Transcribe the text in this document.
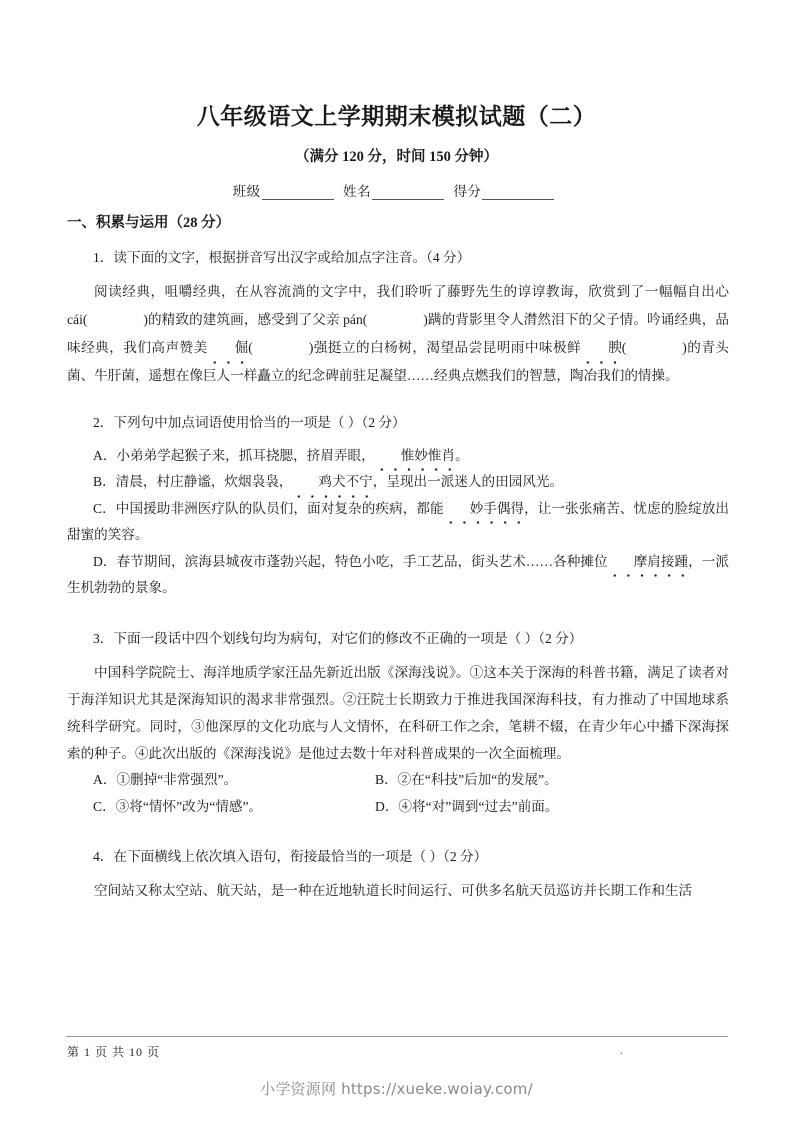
八年级语文上学期期末模拟试题（二）
（满分 120 分，时间 150 分钟）
班级	姓名	得分
一、积累与运用（28 分）
1．读下面的文字，根据拼音写出汉字或给加点字注音。（4 分）
阅读经典，咀嚼经典，在从容流淌的文字中，我们聆听了藤野先生的谆谆教诲，欣赏到了一幅幅自出心 cái(	)的精致的建筑画，感受到了父亲 pán(	)蹒的背影里令人潸然泪下的父子情。吟诵经典，品味经典，我们高声赞美 倔(	)强挺立的白杨树，渴望品尝昆明雨中味极鲜 腴(	)的青头菌、牛肝菌，遥想在像巨人一样矗立的纪念碑前驻足凝望……经典点燃我们的智慧，陶冶我们的情操。
2．下列句中加点词语使用恰当的一项是（ ）（2 分）
A．小弟弟学起猴子来，抓耳挠腮，挤眉弄眼， 惟妙惟肖。
B．清晨，村庄静谧，炊烟袅袅， 鸡犬不宁，呈现出一派迷人的田园风光。
C．中国援助非洲医疗队的队员们，面对复杂的疾病，都能 妙手偶得，让一张张痛苦、忧虑的脸绽放出甜蜜的笑容。
D．春节期间，滨海县城夜市蓬勃兴起，特色小吃，手工艺品，街头艺术……各种摊位 摩肩接踵，一派生机勃勃的景象。
3．下面一段话中四个划线句均为病句，对它们的修改不正确的一项是（ ）（2 分）
中国科学院院士、海洋地质学家汪品先新近出版《深海浅说》。①这本关于深海的科普书籍，满足了读者对于海洋知识尤其是深海知识的渴求非常强烈。②汪院士长期致力于推进我国深海科技，有力推动了中国地球系统科学研究。同时，③他深厚的文化功底与人文情怀，在科研工作之余，笔耕不辍，在青少年心中播下深海探索的种子。④此次出版的《深海浅说》是他过去数十年对科普成果的一次全面梳理。
A．①删掉“非常强烈”。	B．②在“科技”后加“的发展”。
C．③将“情怀”改为“情感”。	D．④将“对”调到“过去”前面。
4．在下面横线上依次填入语句，衔接最恰当的一项是（ ）（2 分）
空间站又称太空站、航天站，是一种在近地轨道长时间运行、可供多名航天员巡访并长期工作和生活
第 1 页 共 10 页	.
小学资源网 https://xueke.woiay.com/
